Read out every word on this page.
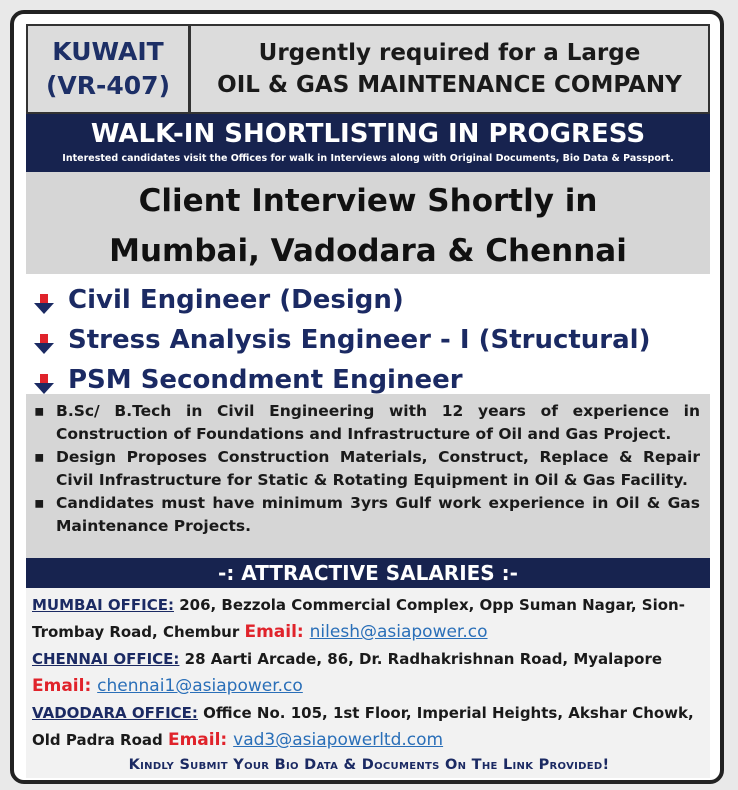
KUWAIT
(VR-407)
Urgently required for a Large
OIL & GAS MAINTENANCE COMPANY
WALK-IN SHORTLISTING IN PROGRESS
Interested candidates visit the Offices for walk in Interviews along with Original Documents, Bio Data & Passport.
Client Interview Shortly in
Mumbai, Vadodara & Chennai
Civil Engineer (Design)
Stress Analysis Engineer - I (Structural)
PSM Secondment Engineer
▪ B.Sc/ B.Tech in Civil Engineering with 12 years of experience in Construction of Foundations and Infrastructure of Oil and Gas Project.
▪ Design Proposes Construction Materials, Construct, Replace & Repair Civil Infrastructure for Static & Rotating Equipment in Oil & Gas Facility.
▪ Candidates must have minimum 3yrs Gulf work experience in Oil & Gas Maintenance Projects.
-: ATTRACTIVE SALARIES :-
MUMBAI OFFICE: 206, Bezzola Commercial Complex, Opp Suman Nagar, Sion-Trombay Road, Chembur Email: nilesh@asiapower.co
CHENNAI OFFICE: 28 Aarti Arcade, 86, Dr. Radhakrishnan Road, Myalapore Email: chennai1@asiapower.co
VADODARA OFFICE: Office No. 105, 1st Floor, Imperial Heights, Akshar Chowk, Old Padra Road Email: vad3@asiapowerltd.com
Kindly Submit Your Bio Data & Documents On The Link Provided!
